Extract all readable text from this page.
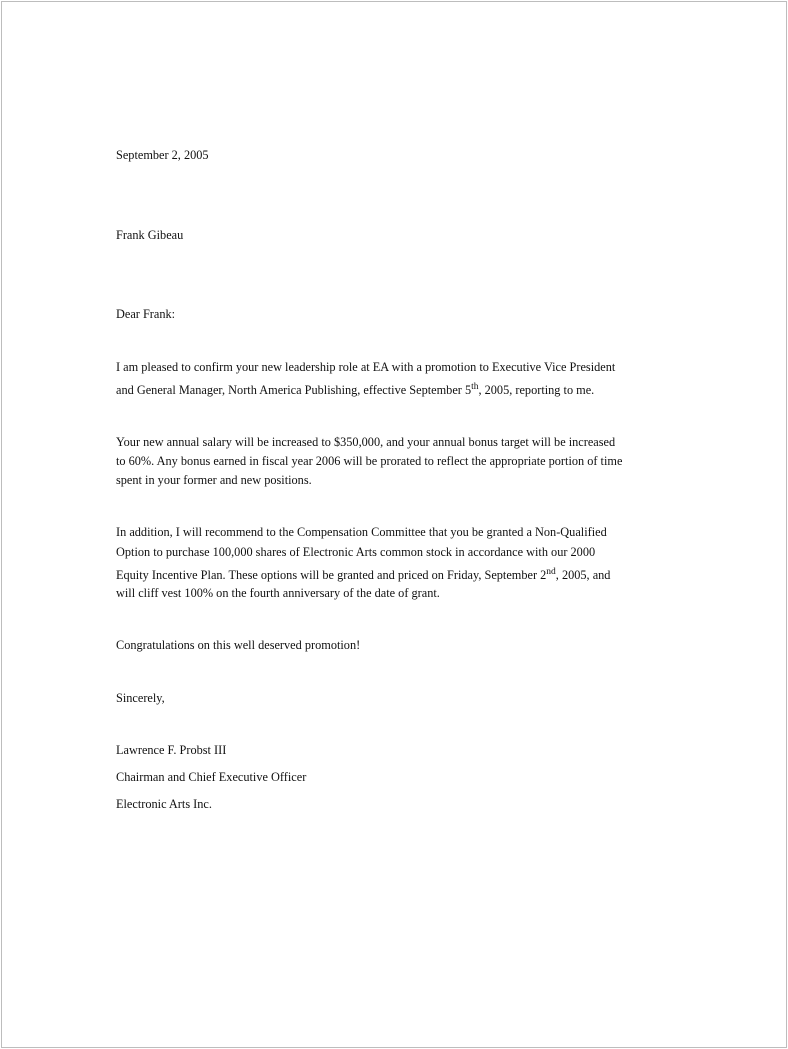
September 2, 2005

Frank Gibeau

Dear Frank:

I am pleased to confirm your new leadership role at EA with a promotion to Executive Vice President

and General Manager, North America Publishing, effective September 5th, 2005, reporting to me.

Your new annual salary will be increased to $350,000, and your annual bonus target will be increased

to 60%. Any bonus earned in fiscal year 2006 will be prorated to reflect the appropriate portion of time

spent in your former and new positions.

In addition, I will recommend to the Compensation Committee that you be granted a Non-Qualified

Option to purchase 100,000 shares of Electronic Arts common stock in accordance with our 2000

Equity Incentive Plan. These options will be granted and priced on Friday, September 2nd, 2005, and

will cliff vest 100% on the fourth anniversary of the date of grant.

Congratulations on this well deserved promotion!

Sincerely,

Lawrence F. Probst III

Chairman and Chief Executive Officer

Electronic Arts Inc.
